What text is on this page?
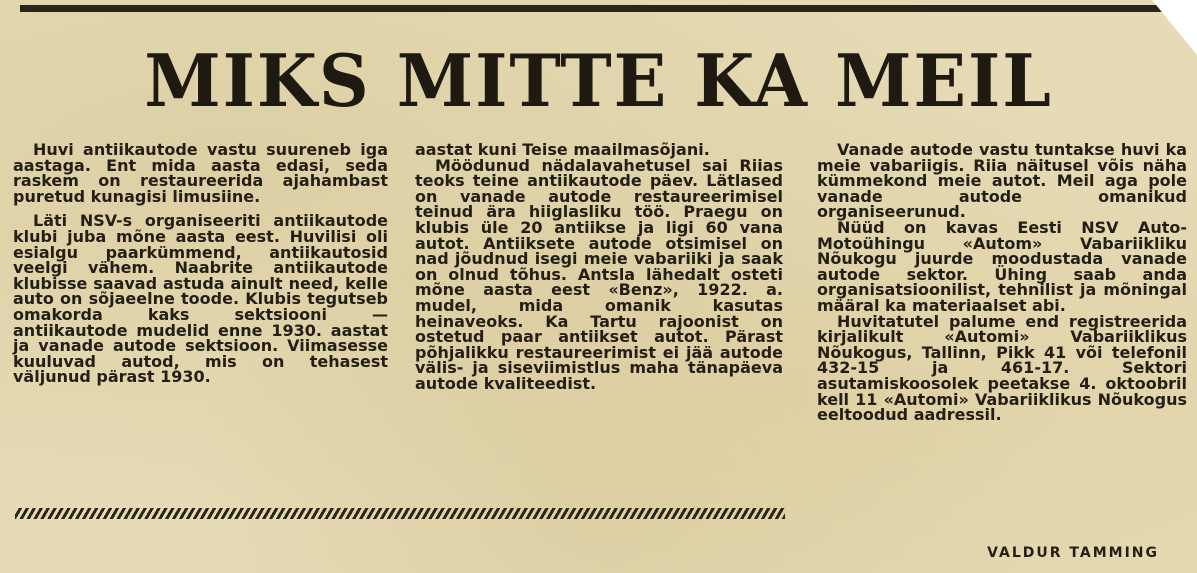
MIKS MITTE KA MEIL

Huvi antiikautode vastu suureneb iga aastaga. Ent mida aasta edasi, seda raskem on restaureerida ajahambast puretud kunagisi limusiine.

Läti NSV-s organiseeriti antiikautode klubi juba mõne aasta eest. Huvilisi oli esialgu paarkümmend, antiikautosid veelgi vähem. Naabrite antiikautode klubisse saavad astuda ainult need, kelle auto on sõjaeelne toode. Klubis tegutseb omakorda kaks sektsiooni — antiikautode mudelid enne 1930. aastat ja vanade autode sektsioon. Viimasesse kuuluvad autod, mis on tehasest väljunud pärast 1930.

aastat kuni Teise maailmasõjani.

Möödunud nädalavahetusel sai Riias teoks teine antiikautode päev. Lätlased on vanade autode restaureerimisel teinud ära hiiglasliku töö. Praegu on klubis üle 20 antiikse ja ligi 60 vana autot. Antiiksete autode otsimisel on nad jõudnud isegi meie vabariiki ja saak on olnud tõhus. Antsla lähedalt osteti mõne aasta eest «Benz», 1922. a. mudel, mida omanik kasutas heinaveoks. Ka Tartu rajoonist on ostetud paar antiikset autot. Pärast põhjalikku restaureerimist ei jää autode välis- ja siseviimistlus maha tänapäeva autode kvaliteedist.

Vanade autode vastu tuntakse huvi ka meie vabariigis. Riia näitusel võis näha kümmekond meie autot. Meil aga pole vanade autode omanikud organiseerunud.

Nüüd on kavas Eesti NSV Auto-Motoühingu «Autom» Vabariikliku Nõukogu juurde moodustada vanade autode sektor. Ühing saab anda organisatsioonilist, tehnilist ja mõningal määral ka materiaalset abi.

Huvitatutel palume end registreerida kirjalikult «Automi» Vabariiklikus Nõukogus, Tallinn, Pikk 41 või telefonil 432-15 ja 461-17. Sektori asutamiskoosolek peetakse 4. oktoobril kell 11 «Automi» Vabariiklikus Nõukogus eeltoodud aadressil.

VALDUR TAMMING
